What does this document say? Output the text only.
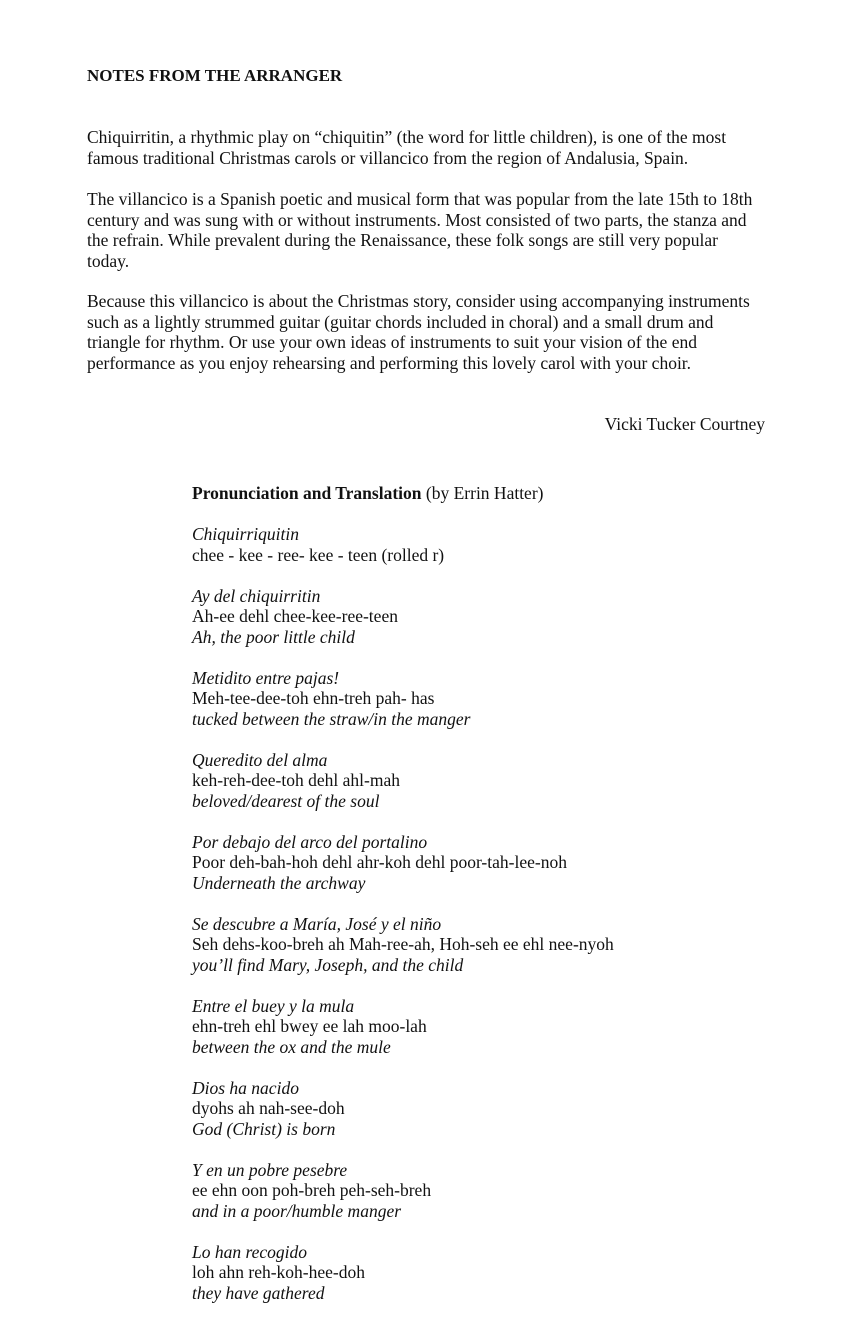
NOTES FROM THE ARRANGER
Chiquirritin, a rhythmic play on “chiquitin” (the word for little children), is one of the most
famous traditional Christmas carols or villancico from the region of Andalusia, Spain.
The villancico is a Spanish poetic and musical form that was popular from the late 15th to 18th
century and was sung with or without instruments. Most consisted of two parts, the stanza and
the refrain. While prevalent during the Renaissance, these folk songs are still very popular
today.
Because this villancico is about the Christmas story, consider using accompanying instruments
such as a lightly strummed guitar (guitar chords included in choral) and a small drum and
triangle for rhythm. Or use your own ideas of instruments to suit your vision of the end
performance as you enjoy rehearsing and performing this lovely carol with your choir.
Vicki Tucker Courtney
Pronunciation and Translation (by Errin Hatter)
Chiquirriquitin
chee - kee - ree- kee - teen (rolled r)
Ay del chiquirritin
Ah-ee dehl chee-kee-ree-teen
Ah, the poor little child
Metidito entre pajas!
Meh-tee-dee-toh ehn-treh pah- has
tucked between the straw/in the manger
Queredito del alma
keh-reh-dee-toh dehl ahl-mah
beloved/dearest of the soul
Por debajo del arco del portalino
Poor deh-bah-hoh dehl ahr-koh dehl poor-tah-lee-noh
Underneath the archway
Se descubre a María, José y el niño
Seh dehs-koo-breh ah Mah-ree-ah, Hoh-seh ee ehl nee-nyoh
you’ll find Mary, Joseph, and the child
Entre el buey y la mula
ehn-treh ehl bwey ee lah moo-lah
between the ox and the mule
Dios ha nacido
dyohs ah nah-see-doh
God (Christ) is born
Y en un pobre pesebre
ee ehn oon poh-breh peh-seh-breh
and in a poor/humble manger
Lo han recogido
loh ahn reh-koh-hee-doh
they have gathered
